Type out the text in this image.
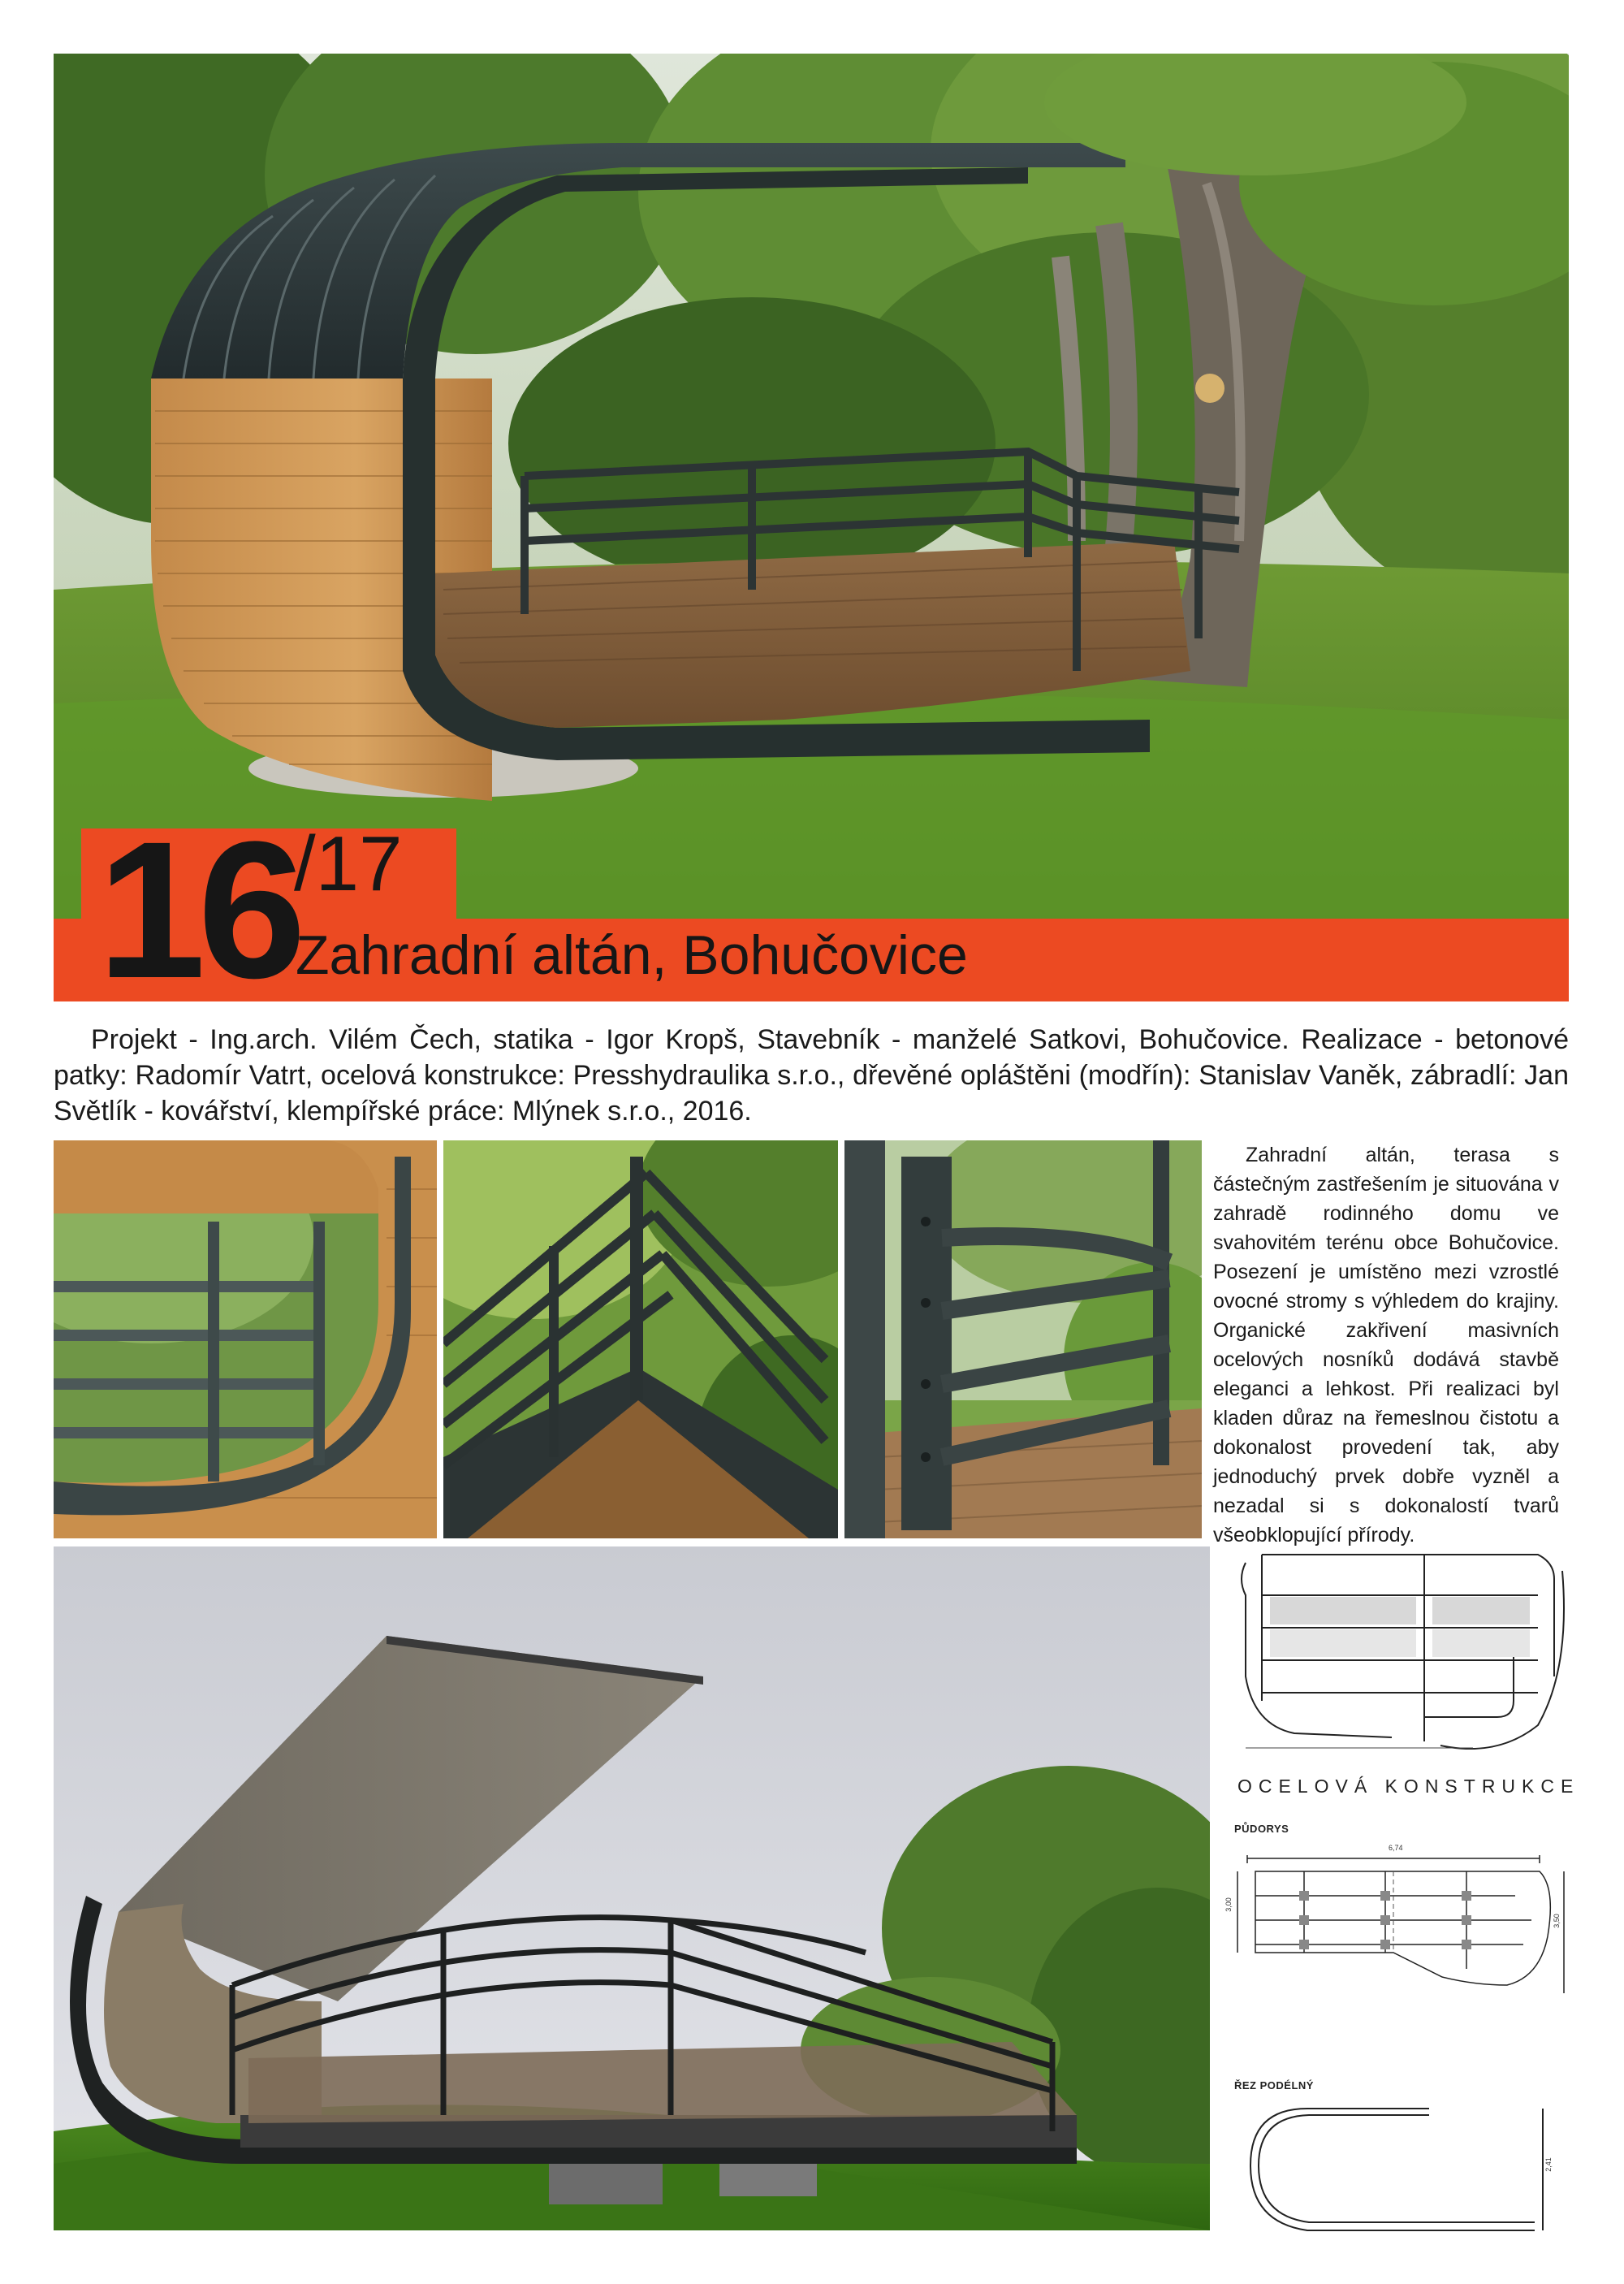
16
/17
Zahradní altán, Bohučovice

Projekt - Ing.arch. Vilém Čech, statika - Igor Kropš, Stavebník - manželé Satkovi, Bohučovice. Realizace - betonové patky: Radomír Vatrt, ocelová konstrukce: Presshydraulika s.r.o., dřevěné opláštěni (modřín): Stanislav Vaněk, zábradlí: Jan Světlík - kovářství, klempířské práce: Mlýnek s.r.o., 2016.

Zahradní altán, terasa s částečným zastřešením je situována v zahradě rodinného domu ve svahovitém terénu obce Bohučovice. Posezení je umístěno mezi vzrostlé ovocné stromy s výhledem do krajiny. Organické zakřivení masivních ocelových nosníků dodává stavbě eleganci a lehkost. Při realizaci byl kladen důraz na řemeslnou čistotu a dokonalost provedení tak, aby jednoduchý prvek dobře vyzněl a nezadal si s dokonalostí tvarů všeobklopující přírody.

OCELOVÁ KONSTRUKCE
PŮDORYS
6,74
3,00
3,50
ŘEZ PODÉLNÝ
2,41
